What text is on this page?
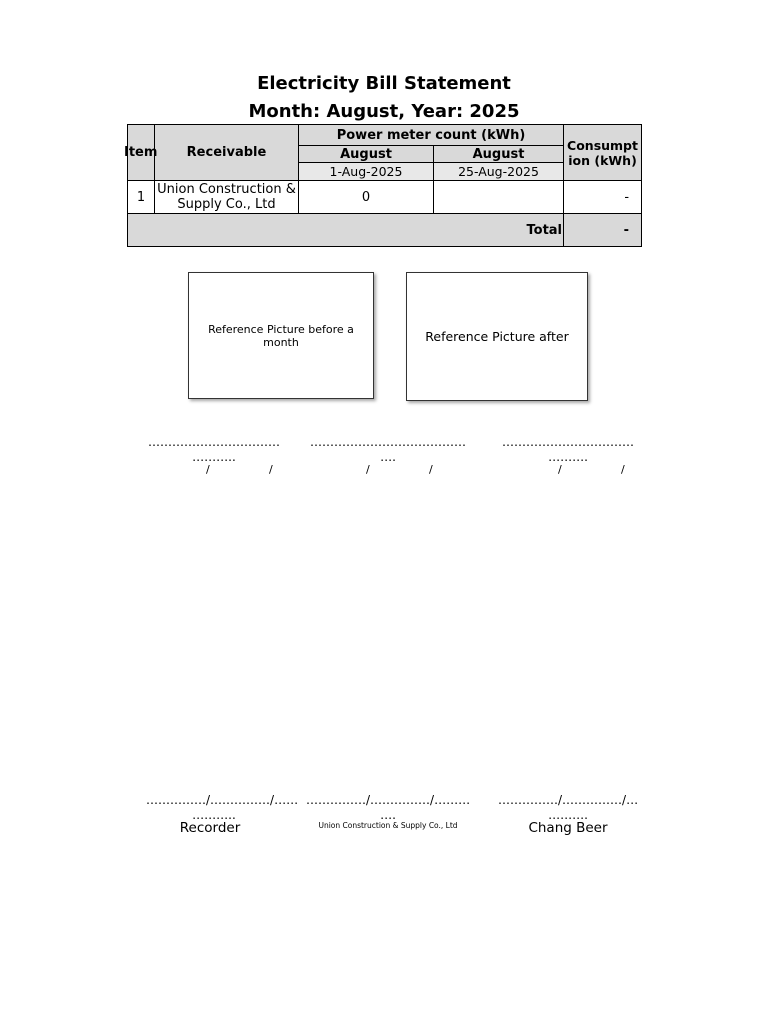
Electricity Bill Statement
Month: August, Year: 2025
Item	Receivable	Power meter count (kWh)		Consumption (kWh)
		August	August	
		1-Aug-2025	25-Aug-2025	
1	Union Construction & Supply Co., Ltd	0		-
Total				-
Reference Picture before a month	Reference Picture after
……………………………
………..
…………………………………
….
……………………………
……….
/	/	/	/	/	/
……………/……………/……
………..
……………/……………/………
….
……………/……………/…
……….
Recorder	Union Construction & Supply Co., Ltd	Chang Beer
